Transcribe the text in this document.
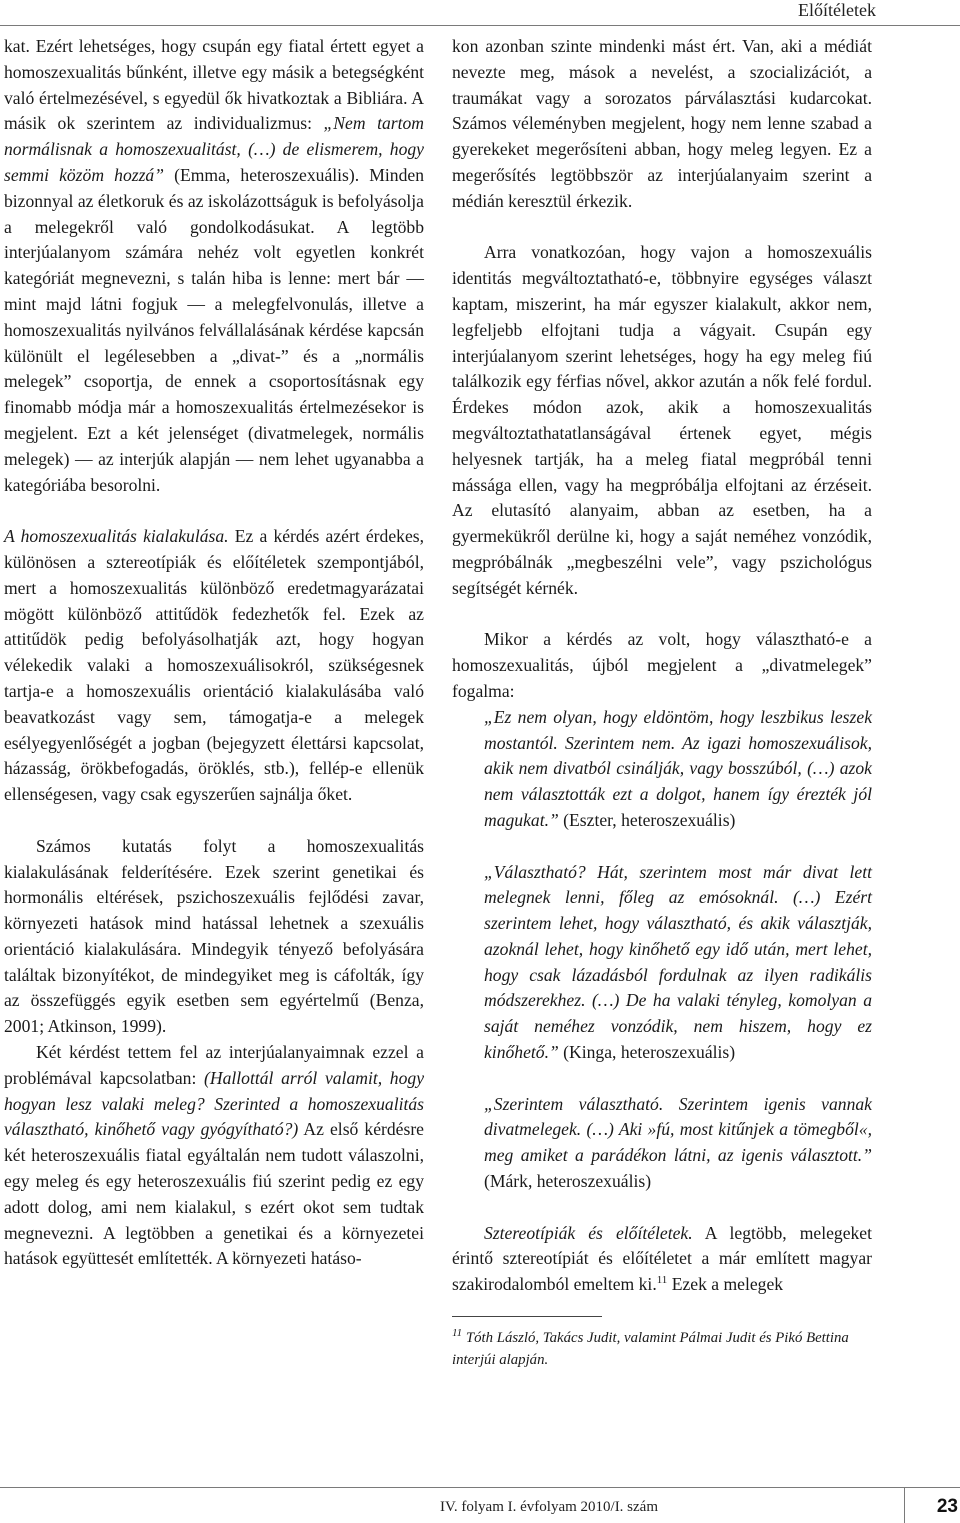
Előítéletek

kat. Ezért lehetséges, hogy csupán egy fiatal értett egyet a homoszexualitás bűnként, illetve egy másik a betegségként való értelmezésével, s egyedül ők hivatkoztak a Bibliára. A másik ok szerintem az individualizmus: „Nem tartom normálisnak a homoszexualitást, (…) de elismerem, hogy semmi közöm hozzá” (Emma, heteroszexuális). Minden bizonnyal az életkoruk és az iskolázottságuk is befolyásolja a melegekről való gondolkodásukat. A legtöbb interjúalanyom számára nehéz volt egyetlen konkrét kategóriát megnevezni, s talán hiba is lenne: mert bár ― mint majd látni fogjuk ― a melegfelvonulás, illetve a homoszexualitás nyilvános felvállalásának kérdése kapcsán különült el legélesebben a „divat-” és a „normális melegek” csoportja, de ennek a csoportosításnak egy finomabb módja már a homoszexualitás értelmezésekor is megjelent. Ezt a két jelenséget (divatmelegek, normális melegek) ― az interjúk alapján ― nem lehet ugyanabba a kategóriába besorolni.

A homoszexualitás kialakulása. Ez a kérdés azért érdekes, különösen a sztereotípiák és előítéletek szempontjából, mert a homoszexualitás különböző eredetmagyarázatai mögött különböző attitűdök fedezhetők fel. Ezek az attitűdök pedig befolyásolhatják azt, hogy hogyan vélekedik valaki a homoszexuálisokról, szükségesnek tartja-e a homoszexuális orientáció kialakulásába való beavatkozást vagy sem, támogatja-e a melegek esélyegyenlőségét a jogban (bejegyzett élettársi kapcsolat, házasság, örökbefogadás, öröklés, stb.), fellép-e ellenük ellenségesen, vagy csak egyszerűen sajnálja őket.

Számos kutatás folyt a homoszexualitás kialakulásának felderítésére. Ezek szerint genetikai és hormonális eltérések, pszichoszexuális fejlődési zavar, környezeti hatások mind hatással lehetnek a szexuális orientáció kialakulására. Mindegyik tényező befolyására találtak bizonyítékot, de mindegyiket meg is cáfolták, így az összefüggés egyik esetben sem egyértelmű (Benza, 2001; Atkinson, 1999).

Két kérdést tettem fel az interjúalanyaimnak ezzel a problémával kapcsolatban: (Hallottál arról valamit, hogy hogyan lesz valaki meleg? Szerinted a homoszexualitás választható, kinőhető vagy gyógyítható?) Az első kérdésre két heteroszexuális fiatal egyáltalán nem tudott válaszolni, egy meleg és egy heteroszexuális fiú szerint pedig ez egy adott dolog, ami nem kialakul, s ezért okot sem tudtak megnevezni. A legtöbben a genetikai és a környezetei hatások együttesét említették. A környezeti hatáso-

kon azonban szinte mindenki mást ért. Van, aki a médiát nevezte meg, mások a nevelést, a szocializációt, a traumákat vagy a sorozatos párválasztási kudarcokat. Számos véleményben megjelent, hogy nem lenne szabad a gyerekeket megerősíteni abban, hogy meleg legyen. Ez a megerősítés legtöbbször az interjúalanyaim szerint a médián keresztül érkezik.

Arra vonatkozóan, hogy vajon a homoszexuális identitás megváltoztatható-e, többnyire egységes választ kaptam, miszerint, ha már egyszer kialakult, akkor nem, legfeljebb elfojtani tudja a vágyait. Csupán egy interjúalanyom szerint lehetséges, hogy ha egy meleg fiú találkozik egy férfias nővel, akkor azután a nők felé fordul. Érdekes módon azok, akik a homoszexualitás megváltoztathatatlanságával értenek egyet, mégis helyesnek tartják, ha a meleg fiatal megpróbál tenni mássága ellen, vagy ha megpróbálja elfojtani az érzéseit. Az elutasító alanyaim, abban az esetben, ha a gyermekükről derülne ki, hogy a saját neméhez vonzódik, megpróbálnák „megbeszélni vele”, vagy pszichológus segítségét kérnék.

Mikor a kérdés az volt, hogy választható-e a homoszexualitás, újból megjelent a „divatmelegek” fogalma:

„Ez nem olyan, hogy eldöntöm, hogy leszbikus leszek mostantól. Szerintem nem. Az igazi homoszexuálisok, akik nem divatból csinálják, vagy bosszúból, (…) azok nem választották ezt a dolgot, hanem így érezték jól magukat.” (Eszter, heteroszexuális)

„Választható? Hát, szerintem most már divat lett melegnek lenni, főleg az emósoknál. (…) Ezért szerintem lehet, hogy választható, és akik választják, azoknál lehet, hogy kinőhető egy idő után, mert lehet, hogy csak lázadásból fordulnak az ilyen radikális módszerekhez. (…) De ha valaki tényleg, komolyan a saját neméhez vonzódik, nem hiszem, hogy ez kinőhető.” (Kinga, heteroszexuális)

„Szerintem választható. Szerintem igenis vannak divatmelegek. (…) Aki »fú, most kitűnjek a tömegből«, meg amiket a parádékon látni, az igenis választott.” (Márk, heteroszexuális)

Sztereotípiák és előítéletek. A legtöbb, melegeket érintő sztereotípiát és előítéletet a már említett magyar szakirodalomból emeltem ki.$^{11}$ Ezek a melegek

$^{11}$ Tóth László, Takács Judit, valamint Pálmai Judit és Pikó Bettina interjúi alapján.

IV. folyam I. évfolyam 2010/I. szám	23
